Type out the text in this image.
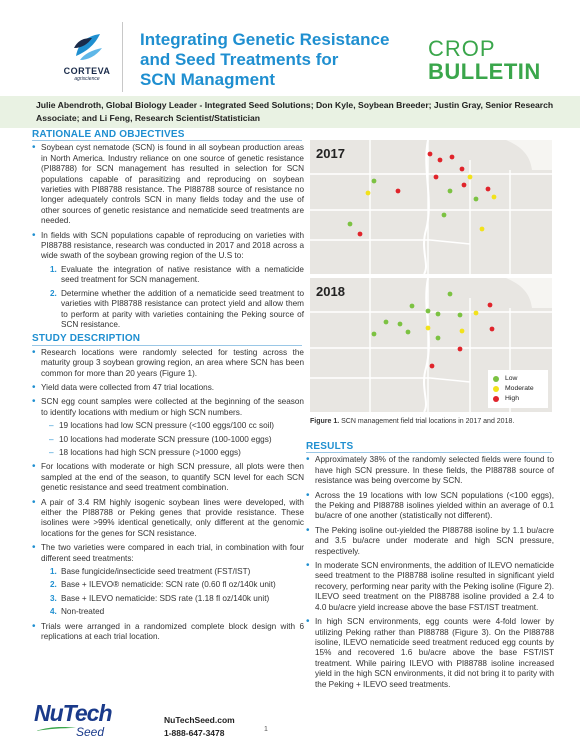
CORTEVA
agriscience
Integrating Genetic Resistance
and Seed Treatments for
SCN Managment
CROP
BULLETIN
Julie Abendroth, Global Biology Leader - Integrated Seed Solutions; Don Kyle, Soybean Breeder; Justin Gray, Senior Research Associate; and Li Feng, Research Scientist/Statistician
RATIONALE AND OBJECTIVES
• Soybean cyst nematode (SCN) is found in all soybean production areas in North America. Industry reliance on one source of genetic resistance (PI88788) for SCN management has resulted in selection for SCN populations capable of parasitizing and reproducing on soybean varieties with PI88788 resistance. The PI88788 source of resistance no longer adequately controls SCN in many fields today and the use of other sources of genetic resistance and nematicide seed treatments are needed.
• In fields with SCN populations capable of reproducing on varieties with PI88788 resistance, research was conducted in 2017 and 2018 across a wide swath of the soybean growing region of the U.S to:
1. Evaluate the integration of native resistance with a nematicide seed treatment for SCN management.
2. Determine whether the addition of a nematicide seed treatment to varieties with PI88788 resistance can protect yield and allow them to perform at parity with varieties containing the Peking source of SCN resistance.
STUDY DESCRIPTION
• Research locations were randomly selected for testing across the maturity group 3 soybean growing region, an area where SCN has been common for more than 20 years (Figure 1).
• Yield data were collected from 47 trial locations.
• SCN egg count samples were collected at the beginning of the season to identify locations with medium or high SCN numbers.
– 19 locations had low SCN pressure (<100 eggs/100 cc soil)
– 10 locations had moderate SCN pressure (100-1000 eggs)
– 18 locations had high SCN pressure (>1000 eggs)
• For locations with moderate or high SCN pressure, all plots were then sampled at the end of the season, to quantify SCN level for each SCN genetic resistance and seed treatment combination.
• A pair of 3.4 RM highly isogenic soybean lines were developed, with either the PI88788 or Peking genes that provide resistance. These isolines were >99% identical genetically, only different at the genomic locations for the genes for SCN resistance.
• The two varieties were compared in each trial, in combination with four different seed treatments:
1. Base fungicide/insecticide seed treatment (FST/IST)
2. Base + ILEVO® nematicide: SCN rate (0.60 fl oz/140k unit)
3. Base + ILEVO nematicide: SDS rate (1.18 fl oz/140k unit)
4. Non-treated
• Trials were arranged in a randomized complete block design with 6 replications at each trial location.
2017
2018
Low
Moderate
High
Figure 1. SCN management field trial locations in 2017 and 2018.
RESULTS
• Approximately 38% of the randomly selected fields were found to have high SCN pressure. In these fields, the PI88788 source of resistance was being overcome by SCN.
• Across the 19 locations with low SCN populations (<100 eggs), the Peking and PI88788 isolines yielded within an average of 0.1 bu/acre of one another (statistically not different).
• The Peking isoline out-yielded the PI88788 isoline by 1.1 bu/acre and 3.5 bu/acre under moderate and high SCN pressure, respectively.
• In moderate SCN environments, the addition of ILEVO nematicide seed treatment to the PI88788 isoline resulted in significant yield recovery, performing near parity with the Peking isoline (Figure 2). ILEVO seed treatment on the PI88788 isoline provided a 2.4 to 4.0 bu/acre yield increase above the base FST/IST treatment.
• In high SCN environments, egg counts were 4-fold lower by utilizing Peking rather than PI88788 (Figure 3). On the PI88788 isoline, ILEVO nematicide seed treatment reduced egg counts by 15% and recovered 1.6 bu/acre above the base FST/IST treatment. While pairing ILEVO with PI88788 isoline increased yield in the high SCN environments, it did not bring it to parity with the Peking + ILEVO seed treatments.
NuTech
Seed
NuTechSeed.com
1-888-647-3478	1
